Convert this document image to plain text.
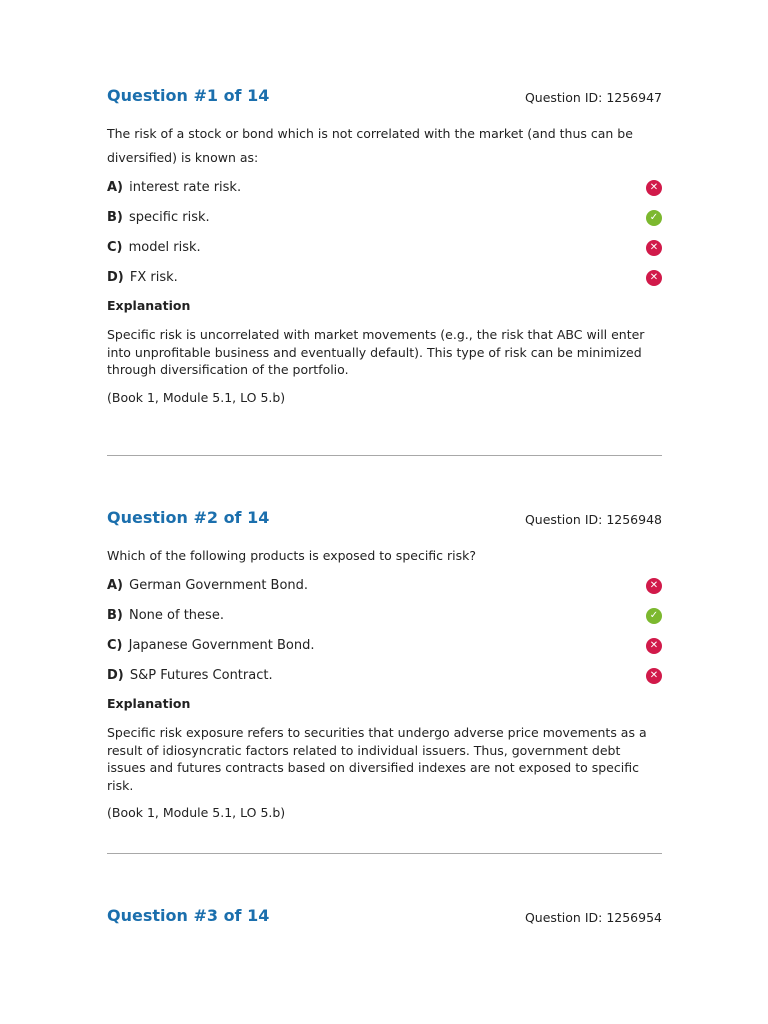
Question #1 of 14	Question ID: 1256947
The risk of a stock or bond which is not correlated with the market (and thus can be diversified) is known as:
A) interest rate risk.	✕
B) specific risk.	✓
C) model risk.	✕
D) FX risk.	✕
Explanation
Specific risk is uncorrelated with market movements (e.g., the risk that ABC will enter into unprofitable business and eventually default). This type of risk can be minimized through diversification of the portfolio.
(Book 1, Module 5.1, LO 5.b)
Question #2 of 14	Question ID: 1256948
Which of the following products is exposed to specific risk?
A) German Government Bond.	✕
B) None of these.	✓
C) Japanese Government Bond.	✕
D) S&P Futures Contract.	✕
Explanation
Specific risk exposure refers to securities that undergo adverse price movements as a result of idiosyncratic factors related to individual issuers. Thus, government debt issues and futures contracts based on diversified indexes are not exposed to specific risk.
(Book 1, Module 5.1, LO 5.b)
Question #3 of 14	Question ID: 1256954
